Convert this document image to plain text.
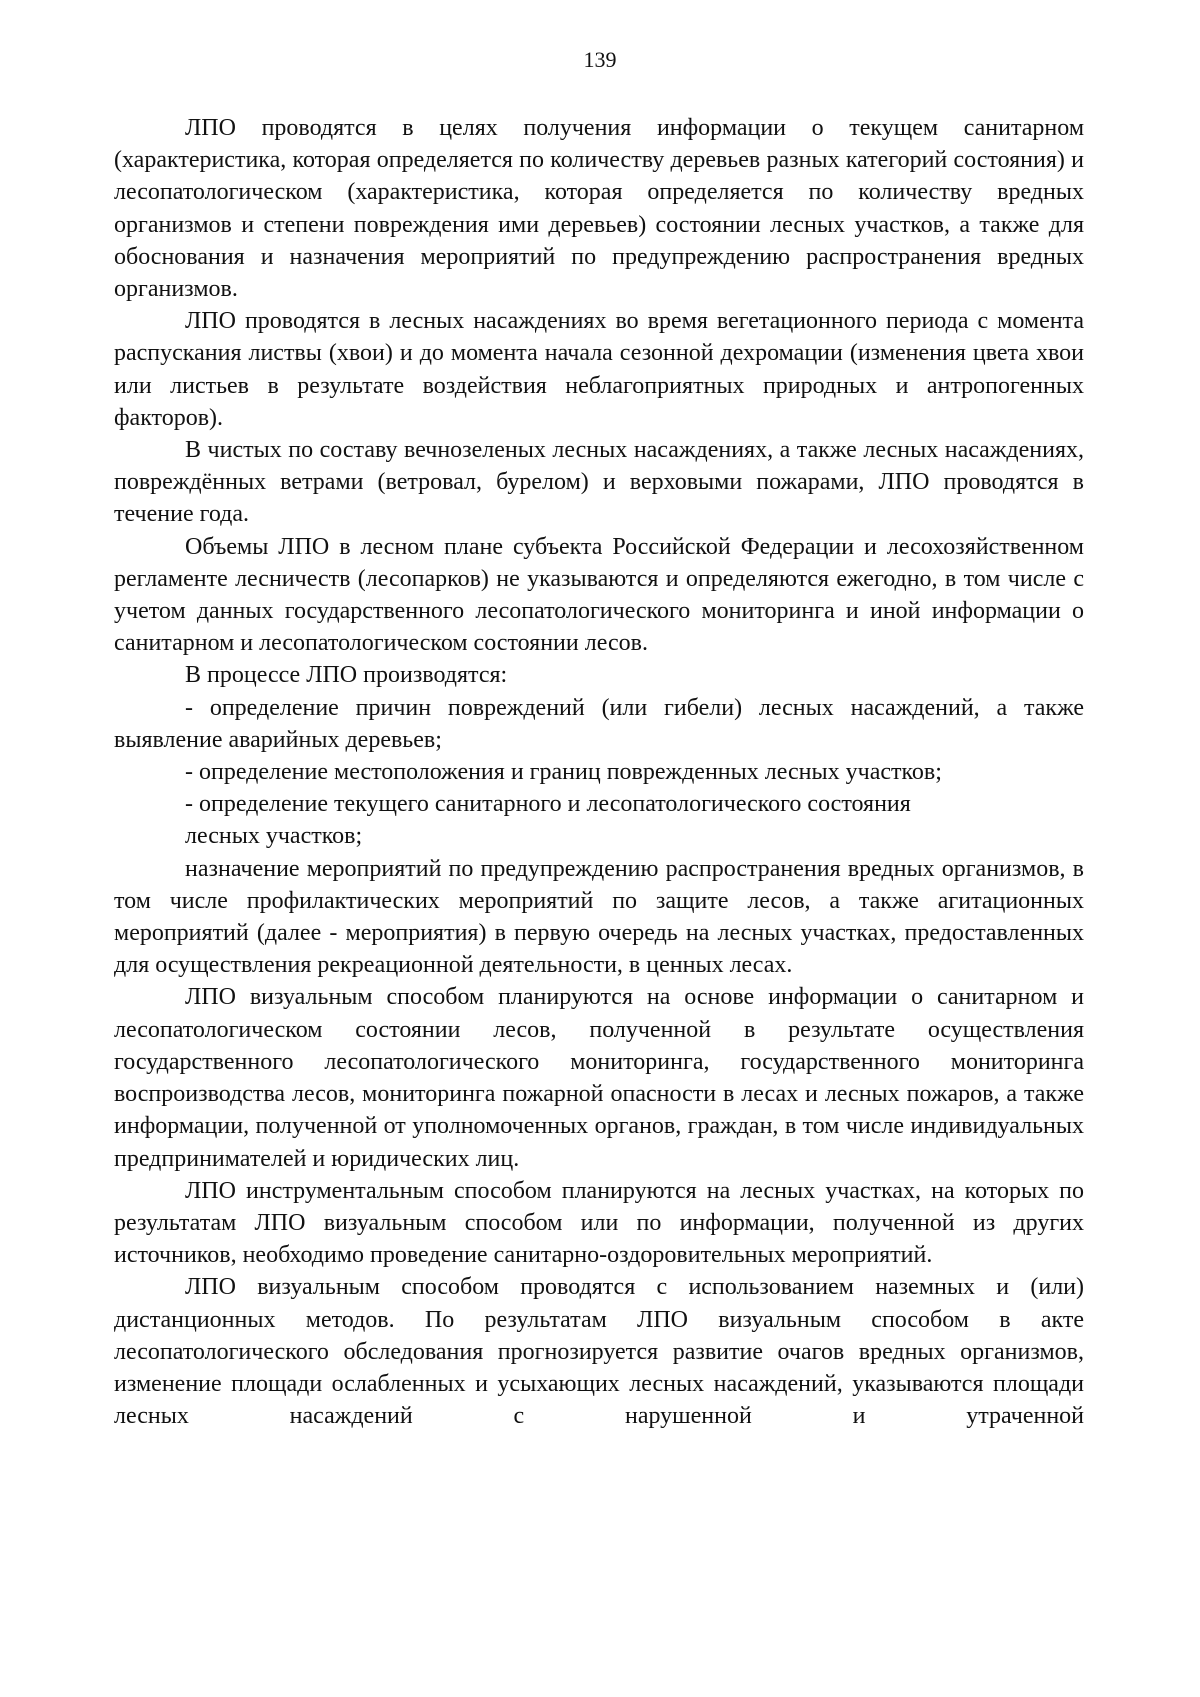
139

ЛПО проводятся в целях получения информации о текущем санитарном (характеристика, которая определяется по количеству деревьев разных категорий состояния) и лесопатологическом (характеристика, которая определяется по количеству вредных организмов и степени повреждения ими деревьев) состоянии лесных участков, а также для обоснования и назначения мероприятий по предупреждению распространения вредных организмов.

ЛПО проводятся в лесных насаждениях во время вегетационного периода с момента распускания листвы (хвои) и до момента начала сезонной дехромации (изменения цвета хвои или листьев в результате воздействия неблагоприятных природных и антропогенных факторов).

В чистых по составу вечнозеленых лесных насаждениях, а также лесных насаждениях, повреждённых ветрами (ветровал, бурелом) и верховыми пожарами, ЛПО проводятся в течение года.

Объемы ЛПО в лесном плане субъекта Российской Федерации и лесохозяйственном регламенте лесничеств (лесопарков) не указываются и определяются ежегодно, в том числе с учетом данных государственного лесопатологического мониторинга и иной информации о санитарном и лесопатологическом состоянии лесов.

В процессе ЛПО производятся:

- определение причин повреждений (или гибели) лесных насаждений, а также выявление аварийных деревьев;

- определение местоположения и границ поврежденных лесных участков;

- определение текущего санитарного и лесопатологического состояния

лесных участков;

назначение мероприятий по предупреждению распространения вредных организмов, в том числе профилактических мероприятий по защите лесов, а также агитационных мероприятий (далее - мероприятия) в первую очередь на лесных участках, предоставленных для осуществления рекреационной деятельности, в ценных лесах.

ЛПО визуальным способом планируются на основе информации о санитарном и лесопатологическом состоянии лесов, полученной в результате осуществления государственного лесопатологического мониторинга, государственного мониторинга воспроизводства лесов, мониторинга пожарной опасности в лесах и лесных пожаров, а также информации, полученной от уполномоченных органов, граждан, в том числе индивидуальных предпринимателей и юридических лиц.

ЛПО инструментальным способом планируются на лесных участках, на которых по результатам ЛПО визуальным способом или по информации, полученной из других источников, необходимо проведение санитарно-оздоровительных мероприятий.

ЛПО визуальным способом проводятся с использованием наземных и (или) дистанционных методов. По результатам ЛПО визуальным способом в акте лесопатологического обследования прогнозируется развитие очагов вредных организмов, изменение площади ослабленных и усыхающих лесных насаждений, указываются площади лесных насаждений с нарушенной и утраченной
